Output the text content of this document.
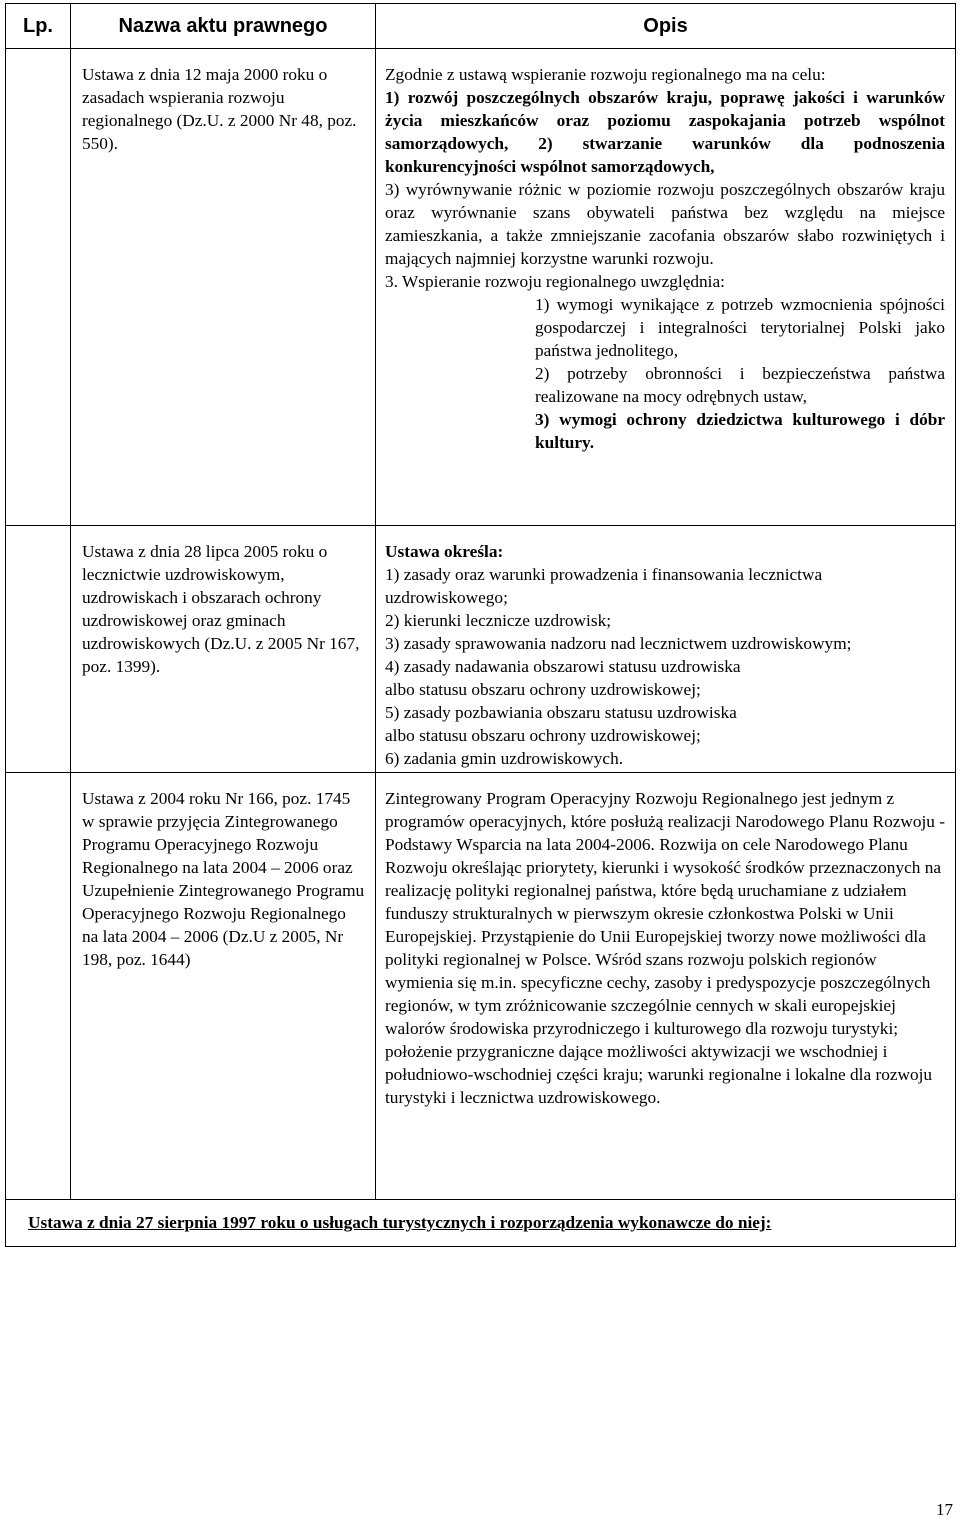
Lp.	Nazwa aktu prawnego	Opis
Ustawa z dnia 12 maja 2000 roku o zasadach wspierania rozwoju regionalnego (Dz.U. z 2000 Nr 48, poz. 550).
Zgodnie z ustawą wspieranie rozwoju regionalnego ma na celu:
1) rozwój poszczególnych obszarów kraju, poprawę jakości i warunków życia mieszkańców oraz poziomu zaspokajania potrzeb wspólnot samorządowych, 2) stwarzanie warunków dla podnoszenia konkurencyjności wspólnot samorządowych,
3) wyrównywanie różnic w poziomie rozwoju poszczególnych obszarów kraju oraz wyrównanie szans obywateli państwa bez względu na miejsce zamieszkania, a także zmniejszanie zacofania obszarów słabo rozwiniętych i mających najmniej korzystne warunki rozwoju.
3. Wspieranie rozwoju regionalnego uwzględnia:
1) wymogi wynikające z potrzeb wzmocnienia spójności gospodarczej i integralności terytorialnej Polski jako państwa jednolitego,
2) potrzeby obronności i bezpieczeństwa państwa realizowane na mocy odrębnych ustaw,
3) wymogi ochrony dziedzictwa kulturowego i dóbr kultury.
Ustawa z dnia 28 lipca 2005 roku o lecznictwie uzdrowiskowym, uzdrowiskach i obszarach ochrony uzdrowiskowej oraz gminach uzdrowiskowych (Dz.U. z 2005 Nr 167, poz. 1399).
Ustawa określa:
1) zasady oraz warunki prowadzenia i finansowania lecznictwa uzdrowiskowego;
2) kierunki lecznicze uzdrowisk;
3) zasady sprawowania nadzoru nad lecznictwem uzdrowiskowym;
4) zasady nadawania obszarowi statusu uzdrowiska
albo statusu obszaru ochrony uzdrowiskowej;
5) zasady pozbawiania obszaru statusu uzdrowiska
albo statusu obszaru ochrony uzdrowiskowej;
6) zadania gmin uzdrowiskowych.
Ustawa z 2004 roku Nr 166, poz. 1745 w sprawie przyjęcia Zintegrowanego Programu Operacyjnego Rozwoju Regionalnego na lata 2004 – 2006 oraz Uzupełnienie Zintegrowanego Programu Operacyjnego Rozwoju Regionalnego na lata 2004 – 2006 (Dz.U z 2005, Nr 198, poz. 1644)
Zintegrowany Program Operacyjny Rozwoju Regionalnego jest jednym z programów operacyjnych, które posłużą realizacji Narodowego Planu Rozwoju - Podstawy Wsparcia na lata 2004-2006. Rozwija on cele Narodowego Planu Rozwoju określając priorytety, kierunki i wysokość środków przeznaczonych na realizację polityki regionalnej państwa, które będą uruchamiane z udziałem funduszy strukturalnych w pierwszym okresie członkostwa Polski w Unii Europejskiej. Przystąpienie do Unii Europejskiej tworzy nowe możliwości dla polityki regionalnej w Polsce. Wśród szans rozwoju polskich regionów wymienia się m.in. specyficzne cechy, zasoby i predyspozycje poszczególnych regionów, w tym zróżnicowanie szczególnie cennych w skali europejskiej walorów środowiska przyrodniczego i kulturowego dla rozwoju turystyki; położenie przygraniczne dające możliwości aktywizacji we wschodniej i południowo-wschodniej części kraju; warunki regionalne i lokalne dla rozwoju turystyki i lecznictwa uzdrowiskowego.
Ustawa z dnia 27 sierpnia 1997 roku o usługach turystycznych i rozporządzenia wykonawcze do niej:
17
